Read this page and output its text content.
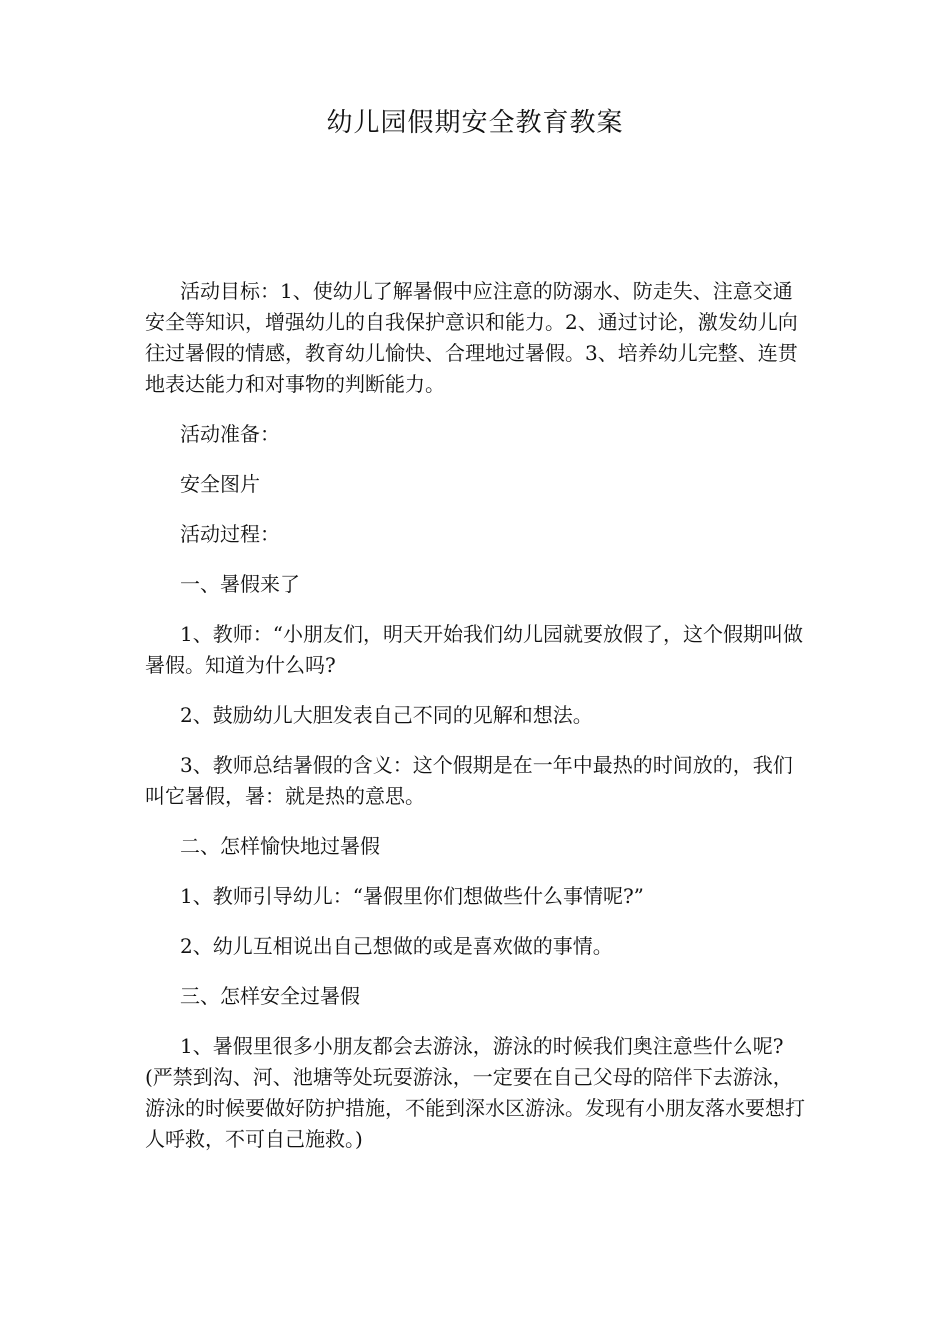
幼儿园假期安全教育教案

活动目标：1、使幼儿了解暑假中应注意的防溺水、防走失、注意交通安全等知识，增强幼儿的自我保护意识和能力。2、通过讨论，激发幼儿向往过暑假的情感，教育幼儿愉快、合理地过暑假。3、培养幼儿完整、连贯地表达能力和对事物的判断能力。

活动准备：

安全图片

活动过程：

一、暑假来了

1、教师：“小朋友们，明天开始我们幼儿园就要放假了，这个假期叫做暑假。知道为什么吗?

2、鼓励幼儿大胆发表自己不同的见解和想法。

3、教师总结暑假的含义：这个假期是在一年中最热的时间放的，我们叫它暑假，暑：就是热的意思。

二、怎样愉快地过暑假

1、教师引导幼儿：“暑假里你们想做些什么事情呢?”

2、幼儿互相说出自己想做的或是喜欢做的事情。

三、怎样安全过暑假

1、暑假里很多小朋友都会去游泳，游泳的时候我们奥注意些什么呢?(严禁到沟、河、池塘等处玩耍游泳，一定要在自己父母的陪伴下去游泳，游泳的时候要做好防护措施，不能到深水区游泳。发现有小朋友落水要想打人呼救，不可自己施救。)
